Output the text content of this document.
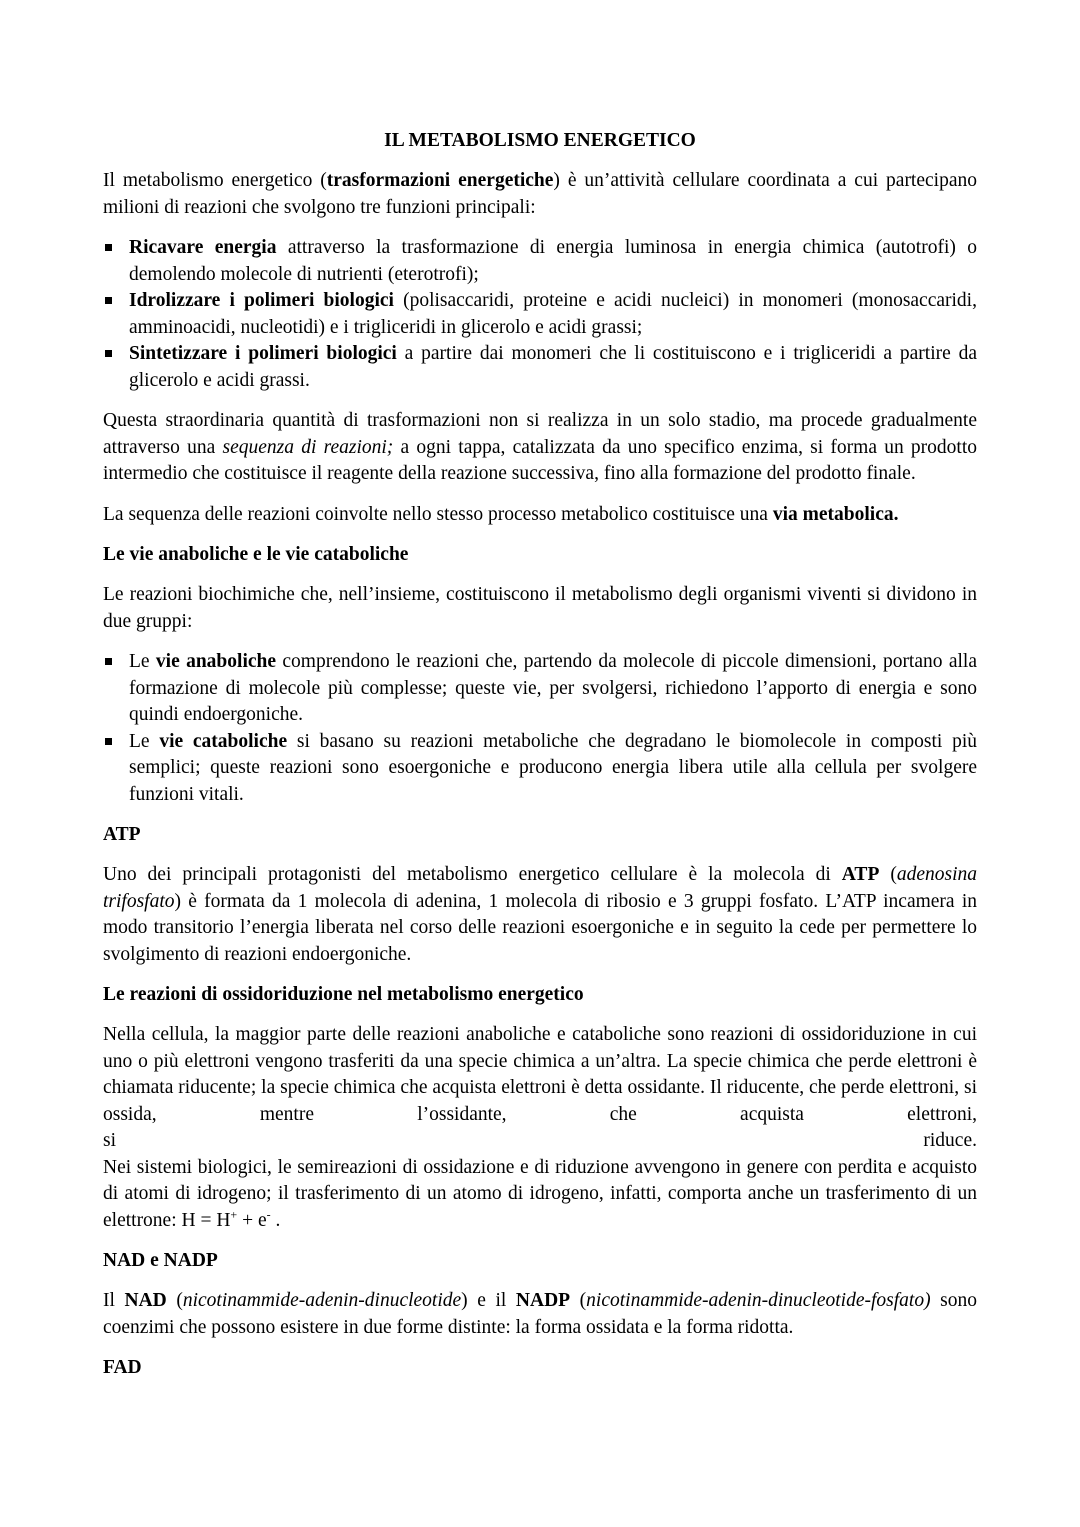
IL METABOLISMO ENERGETICO

Il metabolismo energetico (trasformazioni energetiche) è un’attività cellulare coordinata a cui partecipano milioni di reazioni che svolgono tre funzioni principali:

Ricavare energia attraverso la trasformazione di energia luminosa in energia chimica (autotrofi) o demolendo molecole di nutrienti (eterotrofi);
Idrolizzare i polimeri biologici (polisaccaridi, proteine e acidi nucleici) in monomeri (monosaccaridi, amminoacidi, nucleotidi) e i trigliceridi in glicerolo e acidi grassi;
Sintetizzare i polimeri biologici a partire dai monomeri che li costituiscono e i trigliceridi a partire da glicerolo e acidi grassi.

Questa straordinaria quantità di trasformazioni non si realizza in un solo stadio, ma procede gradualmente attraverso una sequenza di reazioni; a ogni tappa, catalizzata da uno specifico enzima, si forma un prodotto intermedio che costituisce il reagente della reazione successiva, fino alla formazione del prodotto finale.

La sequenza delle reazioni coinvolte nello stesso processo metabolico costituisce una via metabolica.

Le vie anaboliche e le vie cataboliche

Le reazioni biochimiche che, nell’insieme, costituiscono il metabolismo degli organismi viventi si dividono in due gruppi:

Le vie anaboliche comprendono le reazioni che, partendo da molecole di piccole dimensioni, portano alla formazione di molecole più complesse; queste vie, per svolgersi, richiedono l’apporto di energia e sono quindi endoergoniche.
Le vie cataboliche si basano su reazioni metaboliche che degradano le biomolecole in composti più semplici; queste reazioni sono esoergoniche e producono energia libera utile alla cellula per svolgere funzioni vitali.
ATP

Uno dei principali protagonisti del metabolismo energetico cellulare è la molecola di ATP (adenosina trifosfato) è formata da 1 molecola di adenina, 1 molecola di ribosio e 3 gruppi fosfato. L’ATP incamera in modo transitorio l’energia liberata nel corso delle reazioni esoergoniche e in seguito la cede per permettere lo svolgimento di reazioni endoergoniche.

Le reazioni di ossidoriduzione nel metabolismo energetico
Nella cellula, la maggior parte delle reazioni anaboliche e cataboliche sono reazioni di ossidoriduzione in cui uno o più elettroni vengono trasferiti da una specie chimica a un’altra. La specie chimica che perde elettroni è chiamata riducente; la specie chimica che acquista elettroni è detta ossidante. Il riducente, che perde elettroni, si ossida, mentre l’ossidante, che acquista elettroni,
si	riduce.
Nei sistemi biologici, le semireazioni di ossidazione e di riduzione avvengono in genere con perdita e acquisto di atomi di idrogeno; il trasferimento di un atomo di idrogeno, infatti, comporta anche un trasferimento di un elettrone: H = H+ + e- .
NAD e NADP

Il NAD (nicotinammide-adenin-dinucleotide) e il NADP (nicotinammide-adenin-dinucleotide-fosfato) sono coenzimi che possono esistere in due forme distinte: la forma ossidata e la forma ridotta.

FAD
